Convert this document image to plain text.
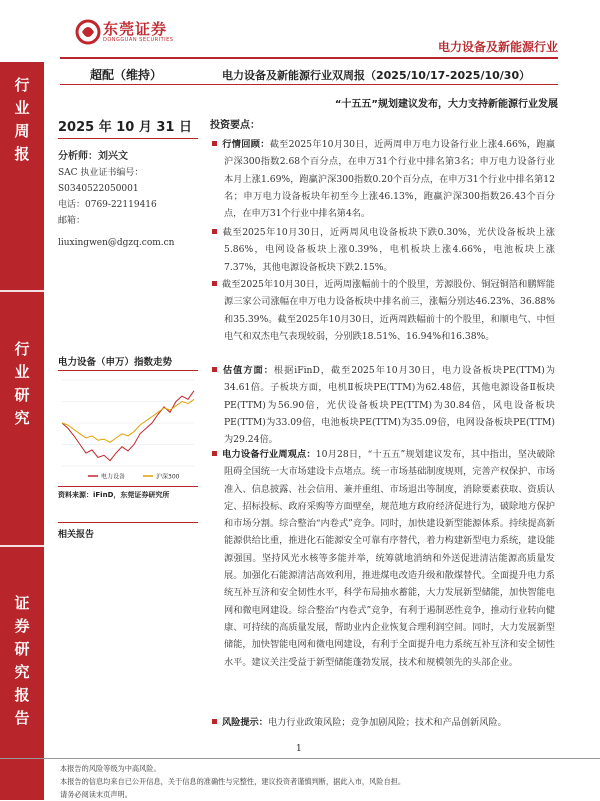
行
业
周
报
行
业
研
究
证
券
研
究
报
告
东莞证券
DONGGUAN SECURITIES	电力设备及新能源行业
超配（维持）	电力设备及新能源行业双周报（2025/10/17-2025/10/30）
“十五五”规划建议发布，大力支持新能源行业发展
2025 年 10 月 31 日
分析师：刘兴文
SAC 执业证书编号：
S0340522050001
电话：0769-22119416
邮箱：
liuxingwen@dgzq.com.cn
电力设备（申万）指数走势
电力设备	沪深300
资料来源：iFinD，东莞证券研究所
相关报告
投资要点：
行情回顾：截至2025年10月30日，近两周申万电力设备行业上涨4.66%，跑赢沪深300指数2.68个百分点，在申万31个行业中排名第3名；申万电力设备行业本月上涨1.69%，跑赢沪深300指数0.20个百分点，在申万31个行业中排名第12名；申万电力设备板块年初至今上涨46.13%，跑赢沪深300指数26.43个百分点，在申万31个行业中排名第4名。
截至2025年10月30日，近两周风电设备板块下跌0.30%，光伏设备板块上涨5.86%，电网设备板块上涨0.39%，电机板块上涨4.66%，电池板块上涨7.37%，其他电源设备板块下跌2.15%。
截至2025年10月30日，近两周涨幅前十的个股里，芳源股份、铜冠铜箔和鹏辉能源三家公司涨幅在申万电力设备板块中排名前三，涨幅分别达46.23%、36.88%和35.39%。截至2025年10月30日，近两周跌幅前十的个股里，和顺电气、中恒电气和双杰电气表现较弱，分别跌18.51%、16.94%和16.38%。
估值方面：根据iFinD，截至2025年10月30日，电力设备板块PE(TTM)为34.61倍。子板块方面，电机Ⅱ板块PE(TTM)为62.48倍，其他电源设备Ⅱ板块PE(TTM)为56.90倍，光伏设备板块PE(TTM)为30.84倍，风电设备板块PE(TTM)为33.09倍，电池板块PE(TTM)为35.09倍，电网设备板块PE(TTM)为29.24倍。
电力设备行业周观点：10月28日，“十五五”规划建议发布，其中指出，坚决破除阻碍全国统一大市场建设卡点堵点。统一市场基础制度规则，完善产权保护、市场准入、信息披露、社会信用、兼并重组、市场退出等制度，消除要素获取、资质认定、招标投标、政府采购等方面壁垒，规范地方政府经济促进行为，破除地方保护和市场分割。综合整治“内卷式”竞争。同时，加快建设新型能源体系。持续提高新能源供给比重，推进化石能源安全可靠有序替代，着力构建新型电力系统，建设能源强国。坚持风光水核等多能并举，统筹就地消纳和外送促进清洁能源高质量发展。加强化石能源清洁高效利用，推进煤电改造升级和散煤替代。全面提升电力系统互补互济和安全韧性水平，科学布局抽水蓄能，大力发展新型储能，加快智能电网和微电网建设。综合整治“内卷式”竞争，有利于遏制恶性竞争，推动行业转向健康、可持续的高质量发展，帮助业内企业恢复合理利润空间。同时，大力发展新型储能，加快智能电网和微电网建设，有利于全面提升电力系统互补互济和安全韧性水平。建议关注受益于新型储能蓬勃发展，技术和规模领先的头部企业。
风险提示：电力行业政策风险；竞争加剧风险；技术和产品创新风险。
1
本报告的风险等级为中高风险。
本报告的信息均来自已公开信息，关于信息的准确性与完整性，建议投资者谨慎判断，据此入市，风险自担。
请务必阅读末页声明。
